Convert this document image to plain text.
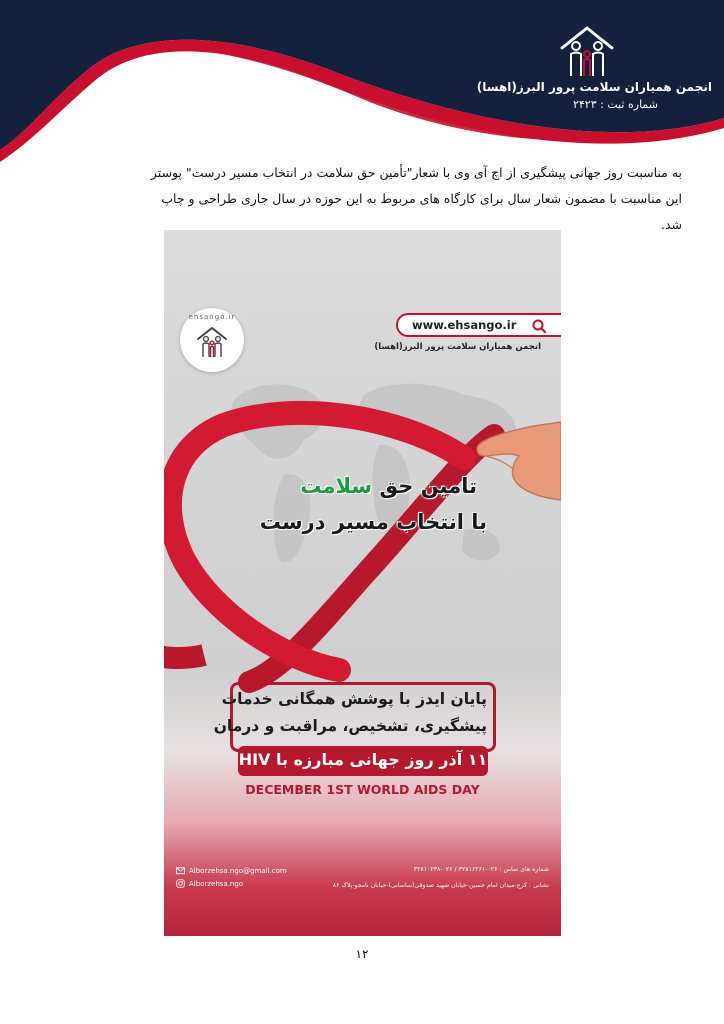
انجمن همیاران سلامت پرور البرز(اهسا)
شماره ثبت : ۲۴۲۳

به مناسبت روز جهانی پیشگیری از اچ آی وی با شعار"تأمین حق سلامت در انتخاب مسیر درست" پوستر این مناسبت با مضمون شعار سال برای کارگاه های مربوط به این حوزه در سال جاری طراحی و چاپ شد.

ehsango.ir
www.ehsango.ir
انجمن همیاران سلامت پرور البرز(اهسا)
تامین حق سلامت
با انتخاب مسیر درست
پایان ایدز با پوشش همگانی خدمات
پیشگیری، تشخیص، مراقبت و درمان
۱۱ آذر روز جهانی مبارزه با HIV
DECEMBER 1ST WORLD AIDS DAY
شماره های تماس : ۰۲۶-۳۲۸۱۶۲۶۱ / ۰۲۶-۳۲۸۱۰۲۳۸
نشانی : کرج-میدان امام حسین-خیابان شهید صدوقی(ساسانی)-خیابان نامجو-پلاک ۸۶
Alborzehsa.ngo@gmail.com
Alborzehsa.ngo
۱۲
